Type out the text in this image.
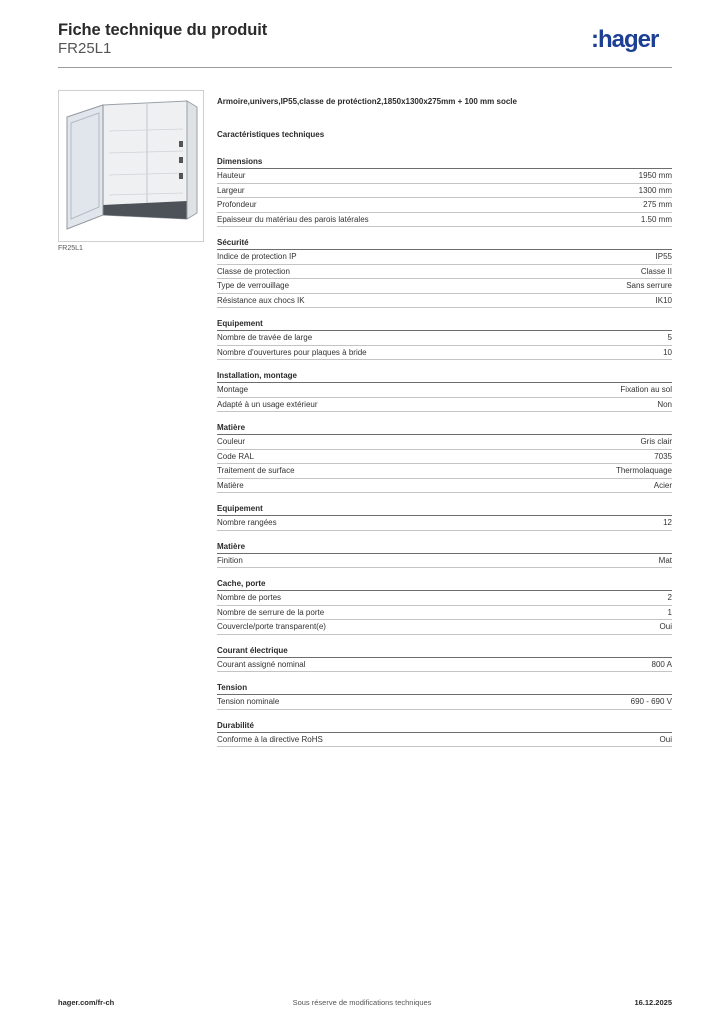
Fiche technique du produit
FR25L1	:hager
FR25L1
Armoire,univers,IP55,classe de protéction2,1850x1300x275mm + 100 mm socle
Caractéristiques techniques
Dimensions
Hauteur	1950 mm
Largeur	1300 mm
Profondeur	275 mm
Epaisseur du matériau des parois latérales	1.50 mm
Sécurité
Indice de protection IP	IP55
Classe de protection	Classe II
Type de verrouillage	Sans serrure
Résistance aux chocs IK	IK10
Equipement
Nombre de travée de large	5
Nombre d'ouvertures pour plaques à bride	10
Installation, montage
Montage	Fixation au sol
Adapté à un usage extérieur	Non
Matière
Couleur	Gris clair
Code RAL	7035
Traitement de surface	Thermolaquage
Matière	Acier
Equipement
Nombre rangées	12
Matière
Finition	Mat
Cache, porte
Nombre de portes	2
Nombre de serrure de la porte	1
Couvercle/porte transparent(e)	Oui
Courant électrique
Courant assigné nominal	800 A
Tension
Tension nominale	690 - 690 V
Durabilité
Conforme à la directive RoHS	Oui
hager.com/fr-ch	Sous réserve de modifications techniques	16.12.2025
